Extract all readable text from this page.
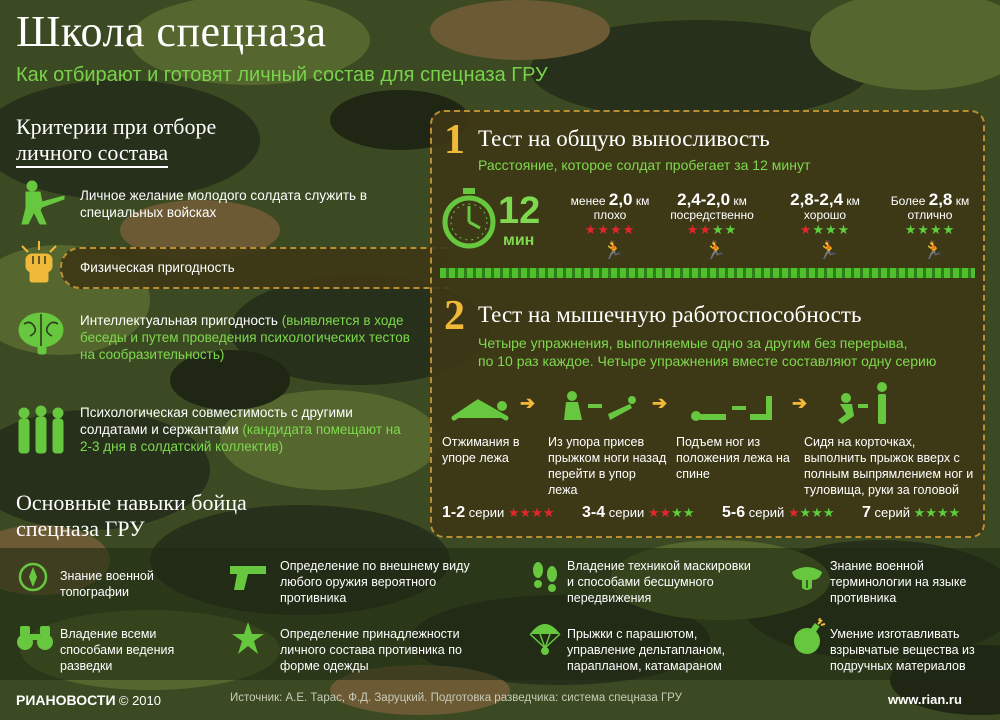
Школа спецназа
Как отбирают и готовят личный состав для спецназа ГРУ
Критерии при отборе
личного состава
Личное желание молодого солдата служить в специальных войсках
Физическая пригодность
Интеллектуальная пригодность (выявляется в ходе беседы и путем проведения психологических тестов на сообразительность)
Психологическая совместимость с другими солдатами и сержантами (кандидата помещают на 2-3 дня в солдатский коллектив)
1 Тест на общую выносливость
Расстояние, которое солдат пробегает за 12 минут
12
мин
менее 2,0 км
плохо
★★★★
🏃
2,4-2,0 км
посредственно
★★★★
🏃
2,8-2,4 км
хорошо
★★★★
🏃
Более 2,8 км
отлично
★★★★
🏃
2 Тест на мышечную работоспособность
Четыре упражнения, выполняемые одно за другим без перерыва,
по 10 раз каждое. Четыре упражнения вместе составляют одну серию
➔	➔	➔
Отжимания в упоре лежа
Из упора присев прыжком ноги назад перейти в упор лежа
Подъем ног из положения лежа на спине
Сидя на корточках, выполнить прыжок вверх с полным выпрямлением ног и туловища, руки за головой
1-2 серии ★★★★ 3-4 серии ★★★★ 5-6 серий ★★★★ 7 серий ★★★★
Основные навыки бойца
спецназа ГРУ
Знание военной топографии
Определение по внешнему виду любого оружия вероятного противника
Владение техникой маскировки и способами бесшумного передвижения
Знание военной терминологии на языке противника
Владение всеми способами ведения разведки
Определение принадлежности личного состава противника по форме одежды
Прыжки с парашютом, управление дельтапланом, парапланом, катамараном
Умение изготавливать взрывчатые вещества из подручных материалов
РИАНОВОСТИ © 2010	Источник: А.Е. Тарас, Ф.Д. Заруцкий. Подготовка разведчика: система спецназа ГРУ	www.rian.ru
